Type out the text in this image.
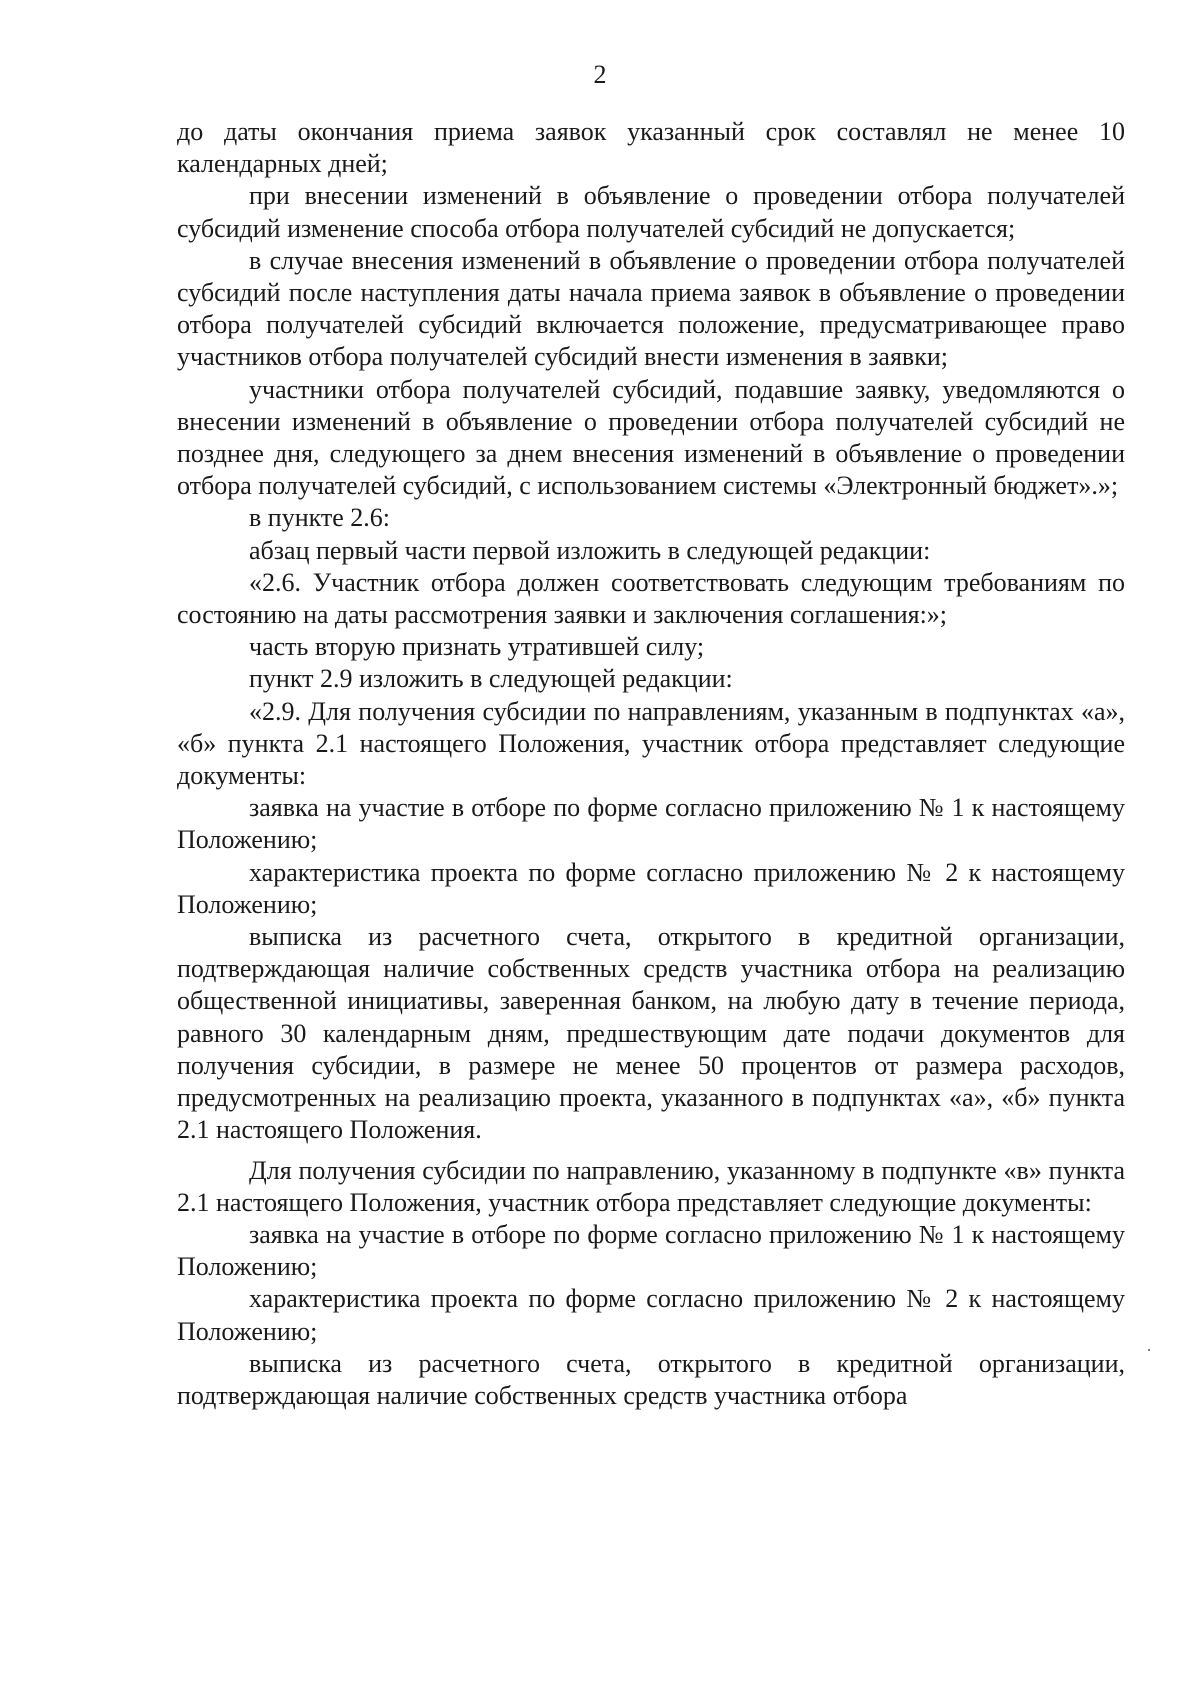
2

до даты окончания приема заявок указанный срок составлял не менее 10 календарных дней;

при внесении изменений в объявление о проведении отбора получателей субсидий изменение способа отбора получателей субсидий не допускается;

в случае внесения изменений в объявление о проведении отбора получателей субсидий после наступления даты начала приема заявок в объявление о проведении отбора получателей субсидий включается положение, предусматривающее право участников отбора получателей субсидий внести изменения в заявки;

участники отбора получателей субсидий, подавшие заявку, уведомляются о внесении изменений в объявление о проведении отбора получателей субсидий не позднее дня, следующего за днем внесения изменений в объявление о проведении отбора получателей субсидий, с использованием системы «Электронный бюджет».»;

в пункте 2.6:

абзац первый части первой изложить в следующей редакции:

«2.6. Участник отбора должен соответствовать следующим требованиям по состоянию на даты рассмотрения заявки и заключения соглашения:»;

часть вторую признать утратившей силу;

пункт 2.9 изложить в следующей редакции:

«2.9. Для получения субсидии по направлениям, указанным в подпунктах «а», «б» пункта 2.1 настоящего Положения, участник отбора представляет следующие документы:

заявка на участие в отборе по форме согласно приложению № 1 к настоящему Положению;

характеристика проекта по форме согласно приложению № 2 к настоящему Положению;

выписка из расчетного счета, открытого в кредитной организации, подтверждающая наличие собственных средств участника отбора на реализацию общественной инициативы, заверенная банком, на любую дату в течение периода, равного 30 календарным дням, предшествующим дате подачи документов для получения субсидии, в размере не менее 50 процентов от размера расходов, предусмотренных на реализацию проекта, указанного в подпунктах «а», «б» пункта 2.1 настоящего Положения.

Для получения субсидии по направлению, указанному в подпункте «в» пункта 2.1 настоящего Положения, участник отбора представляет следующие документы:

заявка на участие в отборе по форме согласно приложению № 1 к настоящему Положению;

характеристика проекта по форме согласно приложению № 2 к настоящему Положению;

выписка из расчетного счета, открытого в кредитной организации, подтверждающая наличие собственных средств участника отбора
